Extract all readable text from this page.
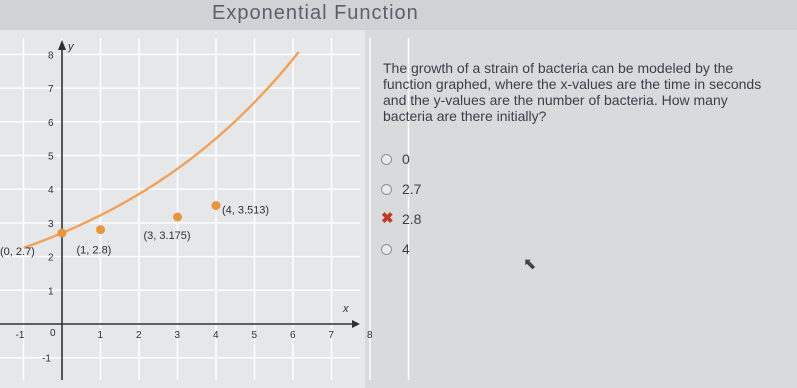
Exponential Function
1	2	3	4	5	6	7	8
1
2
3
4
5
6
7
8
0
-1
-1
x
y
(0, 2.7)	(1, 2.8)
(3, 3.175)
(4, 3.513)
The growth of a strain of bacteria can be modeled by the function graphed, where the x-values are the time in seconds and the y-values are the number of bacteria. How many bacteria are there initially?
0
2.7
✖ 2.8
4
⬉
